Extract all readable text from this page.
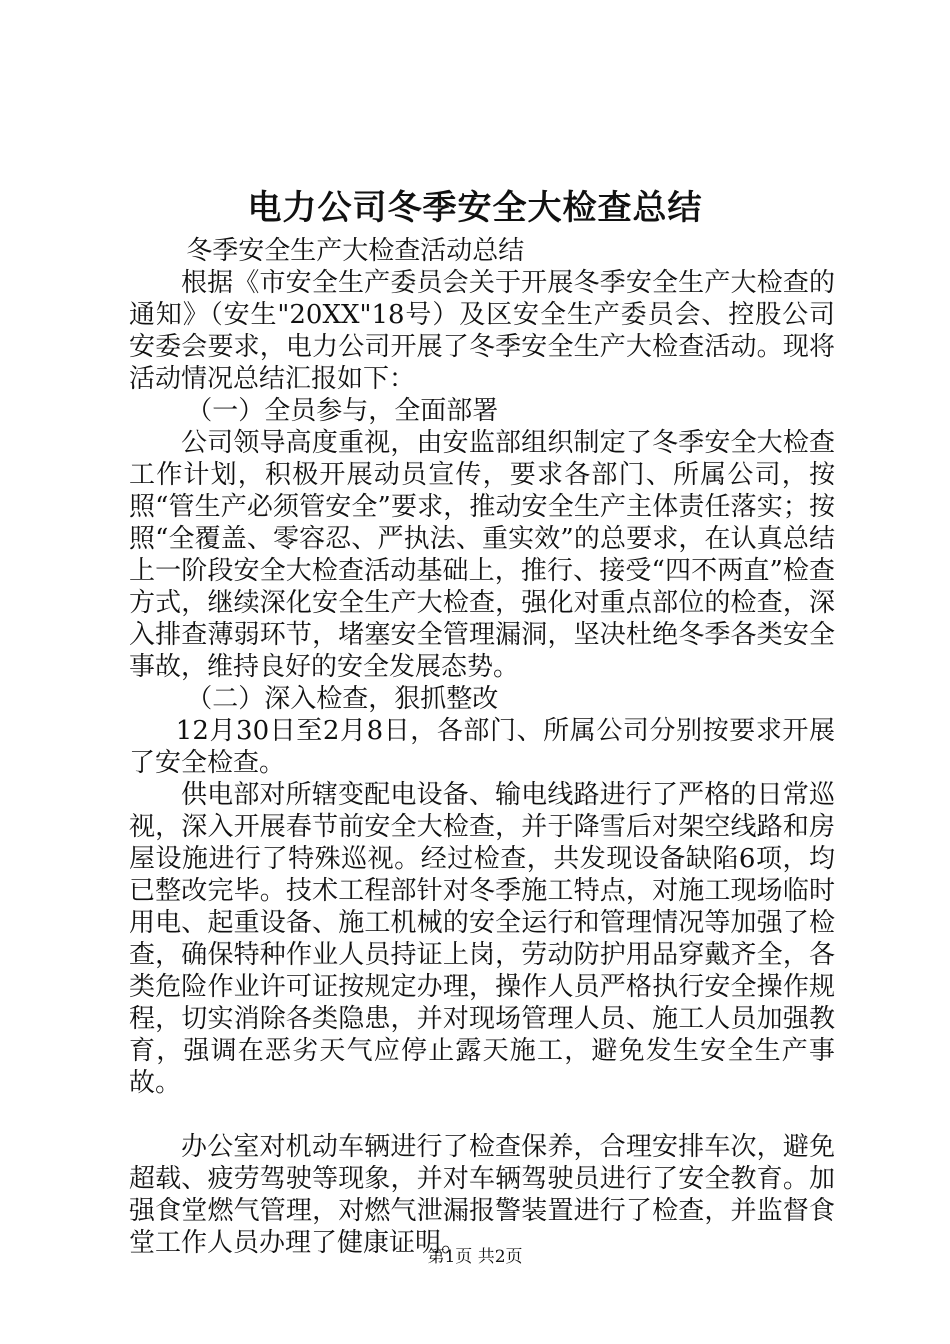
电力公司冬季安全大检查总结

冬季安全生产大检查活动总结

根据《市安全生产委员会关于开展冬季安全生产大检查的通知》（安生"20XX"18号）及区安全生产委员会、控股公司安委会要求，电力公司开展了冬季安全生产大检查活动。现将活动情况总结汇报如下：

（一）全员参与，全面部署

公司领导高度重视，由安监部组织制定了冬季安全大检查工作计划，积极开展动员宣传，要求各部门、所属公司，按照“管生产必须管安全”要求，推动安全生产主体责任落实；按照“全覆盖、零容忍、严执法、重实效”的总要求，在认真总结上一阶段安全大检查活动基础上，推行、接受“四不两直”检查方式，继续深化安全生产大检查，强化对重点部位的检查，深入排查薄弱环节，堵塞安全管理漏洞，坚决杜绝冬季各类安全事故，维持良好的安全发展态势。

（二）深入检查，狠抓整改

12月30日至2月8日，各部门、所属公司分别按要求开展了安全检查。

供电部对所辖变配电设备、输电线路进行了严格的日常巡视，深入开展春节前安全大检查，并于降雪后对架空线路和房屋设施进行了特殊巡视。经过检查，共发现设备缺陷6项，均已整改完毕。技术工程部针对冬季施工特点，对施工现场临时用电、起重设备、施工机械的安全运行和管理情况等加强了检查，确保特种作业人员持证上岗，劳动防护用品穿戴齐全，各类危险作业许可证按规定办理，操作人员严格执行安全操作规程，切实消除各类隐患，并对现场管理人员、施工人员加强教育，强调在恶劣天气应停止露天施工，避免发生安全生产事故。

办公室对机动车辆进行了检查保养，合理安排车次，避免超载、疲劳驾驶等现象，并对车辆驾驶员进行了安全教育。加强食堂燃气管理，对燃气泄漏报警装置进行了检查，并监督食堂工作人员办理了健康证明。

第1页 共2页
